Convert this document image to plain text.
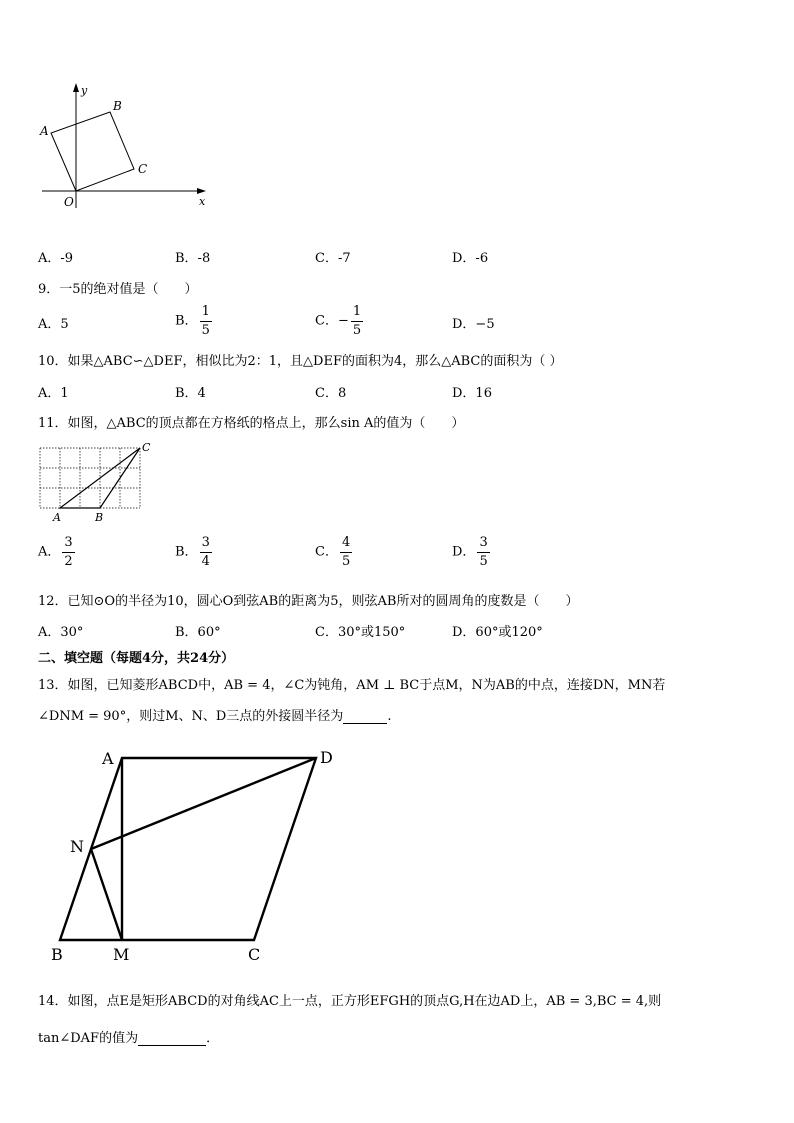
y
x
O
A
B
C
A．-9	B．-8	C．-7	D．-6
9．一5的绝对值是（　　）
A．5	B． $\frac{1}{5}$	C．− $\frac{1}{5}$	D．−5
10．如果△ABC∽△DEF，相似比为2：1，且△DEF的面积为4，那么△ABC的面积为（ ）
A．1	B．4	C．8	D．16
11．如图，△ABC的顶点都在方格纸的格点上，那么sin A的值为（　　）
A	B
C
A． $\frac{3}{2}$	B． $\frac{3}{4}$	C． $\frac{4}{5}$	D． $\frac{3}{5}$
12．已知⊙O的半径为10，圆心O到弦AB的距离为5，则弦AB所对的圆周角的度数是（　　）
A．30°	B．60°	C．30°或150°	D．60°或120°
二、填空题（每题4分，共24分）
13．如图，已知菱形ABCD中，AB = 4，∠C为钝角，AM ⊥ BC于点M，N为AB的中点，连接DN，MN若
∠DNM = 90°，则过M、N、D三点的外接圆半径为	.
A	D
N
B	M	C
14．如图，点E是矩形ABCD的对角线AC上一点，正方形EFGH的顶点G,H在边AD上，AB = 3,BC = 4,则
tan∠DAF的值为	．
